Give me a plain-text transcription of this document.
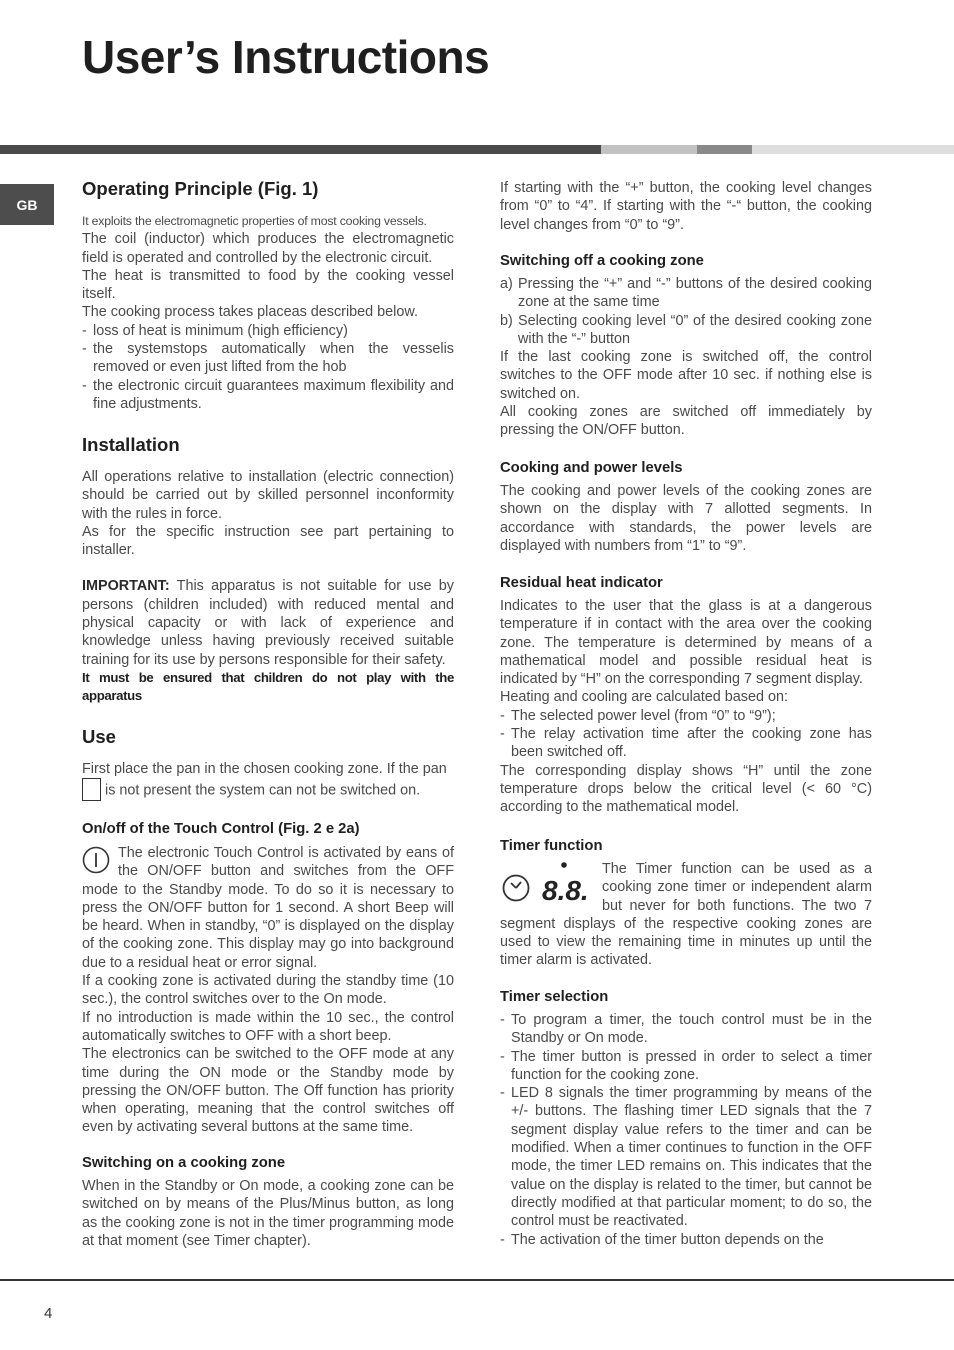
User’s Instructions
GB
Operating Principle (Fig. 1)

It exploits the electromagnetic properties of most cooking vessels.

The coil (inductor) which produces the electromagnetic field is operated and controlled by the electronic circuit.

The heat is transmitted to food by the cooking vessel itself.

The cooking process takes placeas described below.

- loss of heat is minimum (high efficiency)
- the systemstops automatically when the vesselis removed or even just lifted from the hob
- the electronic circuit guarantees maximum flexibility and fine adjustments.
Installation

All operations relative to installation (electric connection) should be carried out by skilled personnel inconformity with the rules in force.

As for the specific instruction see part pertaining to installer.

IMPORTANT: This apparatus is not suitable for use by persons (children included) with reduced mental and physical capacity or with lack of experience and knowledge unless having previously received suitable training for its use by persons responsible for their safety.

It must be ensured that children do not play with the apparatus

Use

First place the pan in the chosen cooking zone. If the pan

is not present the system can not be switched on.

On/off of the Touch Control (Fig. 2 e 2a)

The electronic Touch Control is activated by eans of the ON/OFF button and switches from the OFF mode to the Standby mode. To do so it is necessary to press the ON/OFF button for 1 second. A short Beep will be heard. When in standby, “0” is displayed on the display of the cooking zone. This display may go into background due to a residual heat or error signal.

If a cooking zone is activated during the standby time (10 sec.), the control switches over to the On mode.

If no introduction is made within the 10 sec., the control automatically switches to OFF with a short beep.

The electronics can be switched to the OFF mode at any time during the ON mode or the Standby mode by pressing the ON/OFF button. The Off function has priority when operating, meaning that the control switches off even by activating several buttons at the same time.

Switching on a cooking zone

When in the Standby or On mode, a cooking zone can be switched on by means of the Plus/Minus button, as long as the cooking zone is not in the timer programming mode at that moment (see Timer chapter).

If starting with the “+” button, the cooking level changes from “0” to “4”. If starting with the “-“ button, the cooking level changes from “0” to “9”.

Switching off a cooking zone
a) Pressing the “+” and “-” buttons of the desired cooking zone at the same time
b) Selecting cooking level “0” of the desired cooking zone with the “-” button

If the last cooking zone is switched off, the control switches to the OFF mode after 10 sec. if nothing else is switched on.

All cooking zones are switched off immediately by pressing the ON/OFF button.

Cooking and power levels

The cooking and power levels of the cooking zones are shown on the display with 7 allotted segments. In accordance with standards, the power levels are displayed with numbers from “1” to “9”.

Residual heat indicator

Indicates to the user that the glass is at a dangerous temperature if in contact with the area over the cooking zone. The temperature is determined by means of a mathematical model and possible residual heat is indicated by “H” on the corresponding 7 segment display.

Heating and cooling are calculated based on:

- The selected power level (from “0” to “9”);
- The relay activation time after the cooking zone has been switched off.

The corresponding display shows “H” until the zone temperature drops below the critical level (< 60 °C) according to the mathematical model.

Timer function
8.8.

The Timer function can be used as a cooking zone timer or independent alarm but never for both functions. The two 7 segment displays of the respective cooking zones are used to view the remaining time in minutes up until the timer alarm is activated.

Timer selection
- To program a timer, the touch control must be in the Standby or On mode.
- The timer button is pressed in order to select a timer function for the cooking zone.
- LED 8 signals the timer programming by means of the +/- buttons. The flashing timer LED signals that the 7 segment display value refers to the timer and can be modified. When a timer continues to function in the OFF mode, the timer LED remains on. This indicates that the value on the display is related to the timer, but cannot be directly modified at that particular moment; to do so, the control must be reactivated.
- The activation of the timer button depends on the
4
